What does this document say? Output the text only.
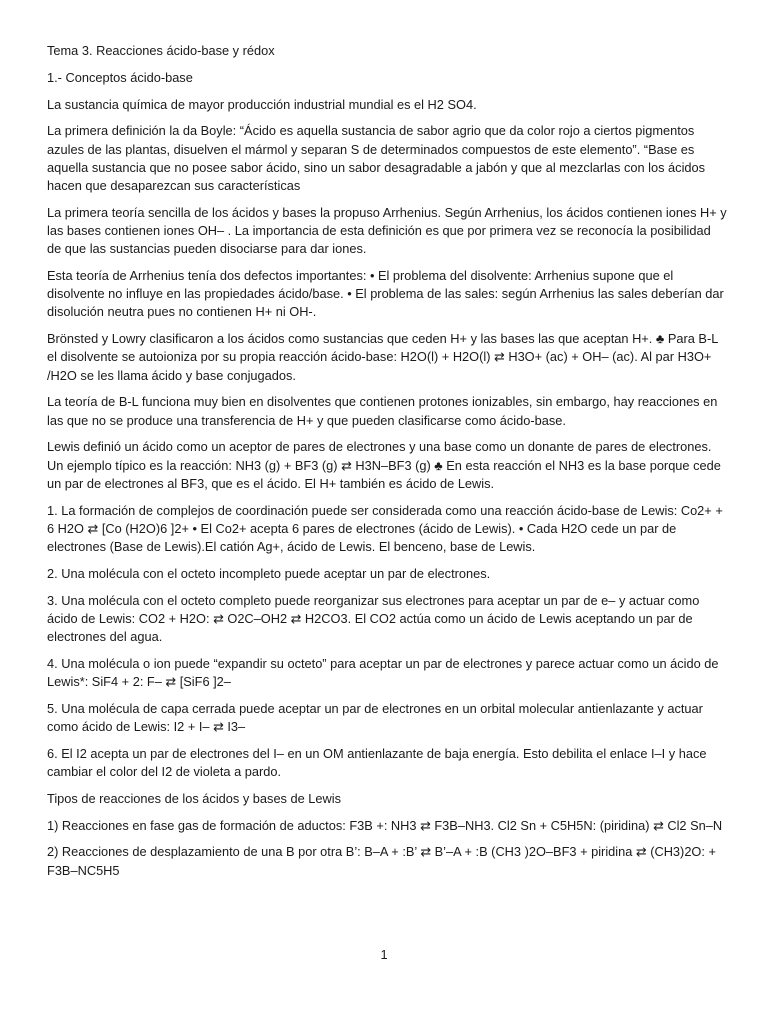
Tema 3. Reacciones ácido-base y rédox

1.- Conceptos ácido-base

La sustancia química de mayor producción industrial mundial es el H2 SO4.

La primera definición la da Boyle: “Ácido es aquella sustancia de sabor agrio que da color rojo a ciertos pigmentos azules de las plantas, disuelven el mármol y separan S de determinados compuestos de este elemento”. “Base es aquella sustancia que no posee sabor ácido, sino un sabor desagradable a jabón y que al mezclarlas con los ácidos hacen que desaparezcan sus características

La primera teoría sencilla de los ácidos y bases la propuso Arrhenius. Según Arrhenius, los ácidos contienen iones H+ y las bases contienen iones OH– . La importancia de esta definición es que por primera vez se reconocía la posibilidad de que las sustancias pueden disociarse para dar iones.

Esta teoría de Arrhenius tenía dos defectos importantes: • El problema del disolvente: Arrhenius supone que el disolvente no influye en las propiedades ácido/base. • El problema de las sales: según Arrhenius las sales deberían dar disolución neutra pues no contienen H+ ni OH-.

Brönsted y Lowry clasificaron a los ácidos como sustancias que ceden H+ y las bases las que aceptan H+. ♣ Para B-L el disolvente se autoioniza por su propia reacción ácido-base: H2O(l) + H2O(l) ⇄ H3O+ (ac) + OH– (ac). Al par H3O+ /H2O se les llama ácido y base conjugados.

La teoría de B-L funciona muy bien en disolventes que contienen protones ionizables, sin embargo, hay reacciones en las que no se produce una transferencia de H+ y que pueden clasificarse como ácido-base.

Lewis definió un ácido como un aceptor de pares de electrones y una base como un donante de pares de electrones. Un ejemplo típico es la reacción: NH3 (g) + BF3 (g) ⇄ H3N–BF3 (g) ♣ En esta reacción el NH3 es la base porque cede un par de electrones al BF3, que es el ácido. El H+ también es ácido de Lewis.

1. La formación de complejos de coordinación puede ser considerada como una reacción ácido-base de Lewis: Co2+ + 6 H2O ⇄ [Co (H2O)6 ]2+ • El Co2+ acepta 6 pares de electrones (ácido de Lewis). • Cada H2O cede un par de electrones (Base de Lewis).El catión Ag+, ácido de Lewis. El benceno, base de Lewis.

2. Una molécula con el octeto incompleto puede aceptar un par de electrones.

3. Una molécula con el octeto completo puede reorganizar sus electrones para aceptar un par de e– y actuar como ácido de Lewis: CO2 + H2O: ⇄ O2C–OH2 ⇄ H2CO3. El CO2 actúa como un ácido de Lewis aceptando un par de electrones del agua.

4. Una molécula o ion puede “expandir su octeto” para aceptar un par de electrones y parece actuar como un ácido de Lewis*: SiF4 + 2: F– ⇄ [SiF6 ]2–

5. Una molécula de capa cerrada puede aceptar un par de electrones en un orbital molecular antienlazante y actuar como ácido de Lewis: I2 + I– ⇄ I3–

6. El I2 acepta un par de electrones del I– en un OM antienlazante de baja energía. Esto debilita el enlace I–I y hace cambiar el color del I2 de violeta a pardo.

Tipos de reacciones de los ácidos y bases de Lewis

1) Reacciones en fase gas de formación de aductos: F3B +: NH3 ⇄ F3B–NH3. Cl2 Sn + C5H5N: (piridina) ⇄ Cl2 Sn–N

2) Reacciones de desplazamiento de una B por otra B’: B–A + :B’ ⇄ B’–A + :B (CH3 )2O–BF3 + piridina ⇄ (CH3)2O: + F3B–NC5H5

1
